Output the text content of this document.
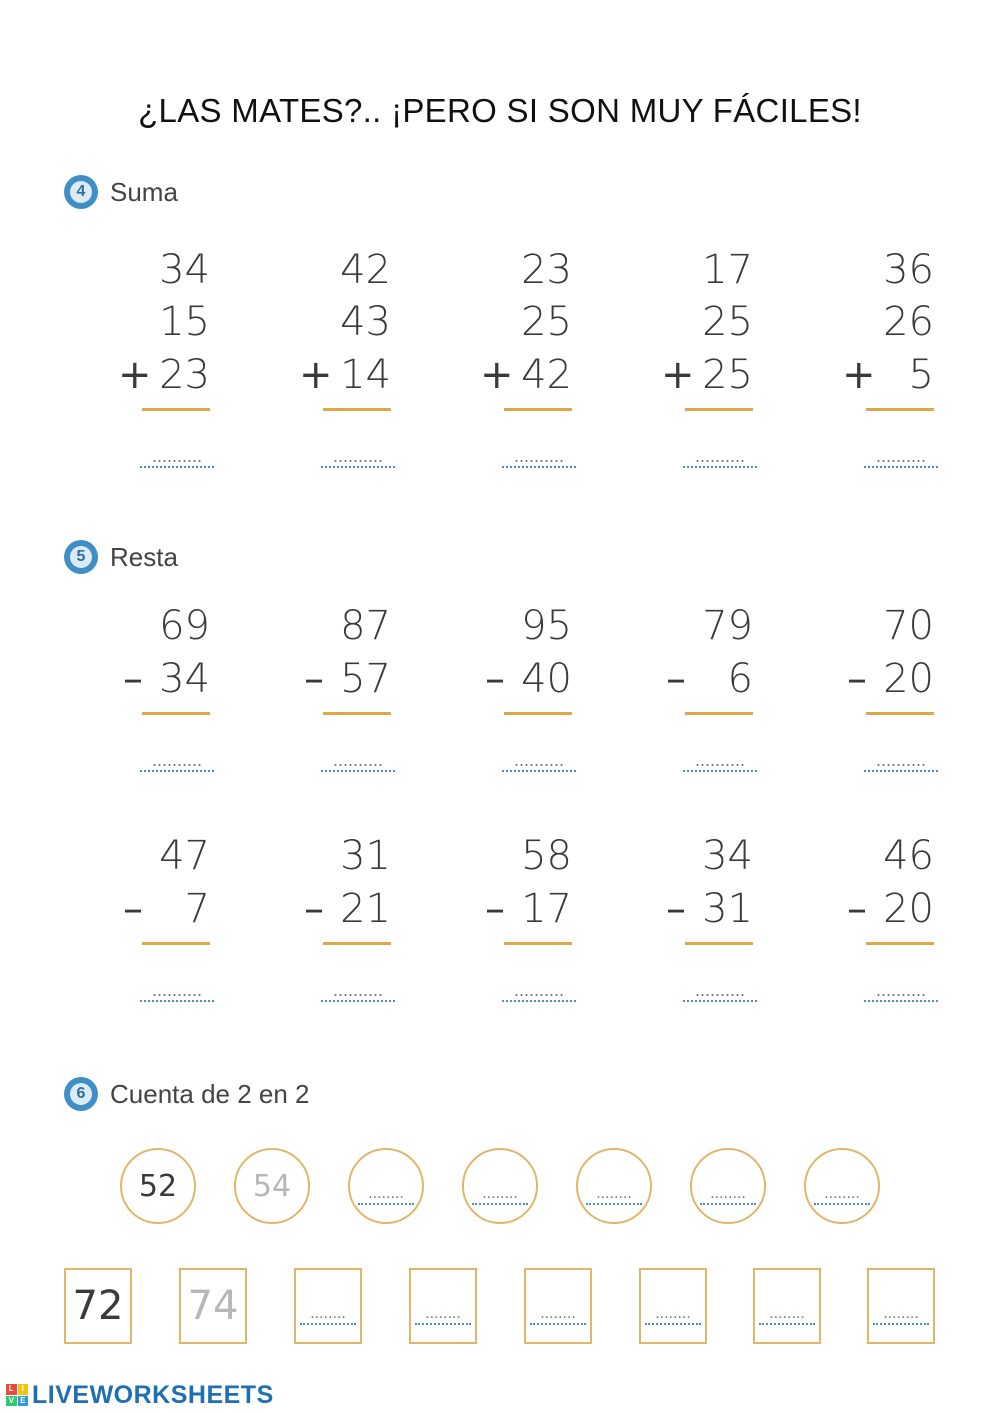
¿LAS MATES?.. ¡PERO SI SON MUY FÁCILES!
4 Suma
34
15
+ 23
..........
42
43
+ 14
..........
23
25
+ 42
..........
17
25
+ 25
..........
36
26
+ 5
..........
5 Resta
69
– 34
..........
87
– 57
..........
95
– 40
..........
79
–	6
..........
70
– 20
..........
47
–	7
..........
31
– 21
..........
58
– 17
..........
34
– 31
..........
46
– 20
..........
6 Cuenta de 2 en 2
52	54
........
........
........
........
........
72 74
........
........
........
........
........
........
L I
V E LIVEWORKSHEETS
